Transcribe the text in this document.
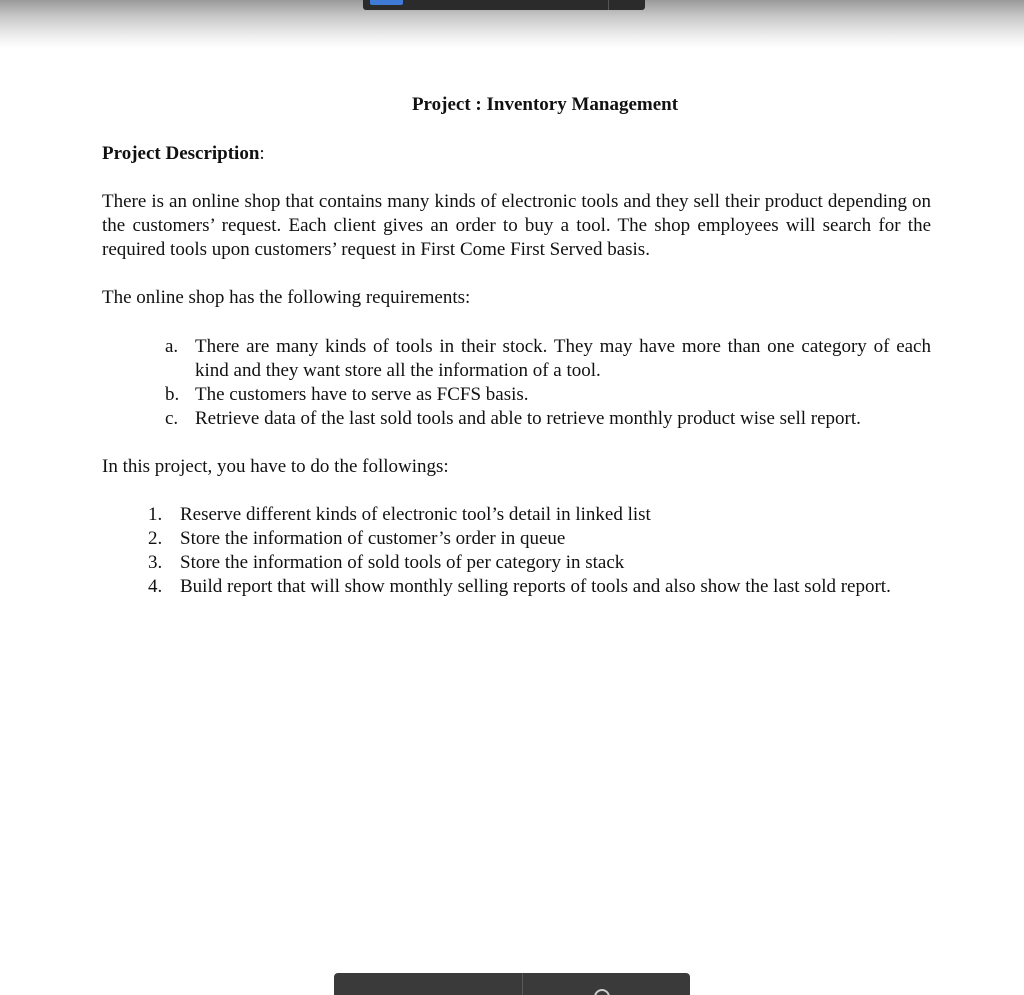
Project : Inventory Management

Project Description:

There is an online shop that contains many kinds of electronic tools and they sell their product depending on the customers’ request. Each client gives an order to buy a tool. The shop employees will search for the required tools upon customers’ request in First Come First Served basis.

The online shop has the following requirements:

a. There are many kinds of tools in their stock. They may have more than one category of each kind and they want store all the information of a tool.
b. The customers have to serve as FCFS basis.
c. Retrieve data of the last sold tools and able to retrieve monthly product wise sell report.

In this project, you have to do the followings:

1. Reserve different kinds of electronic tool’s detail in linked list
2. Store the information of customer’s order in queue
3. Store the information of sold tools of per category in stack
4. Build report that will show monthly selling reports of tools and also show the last sold report.
